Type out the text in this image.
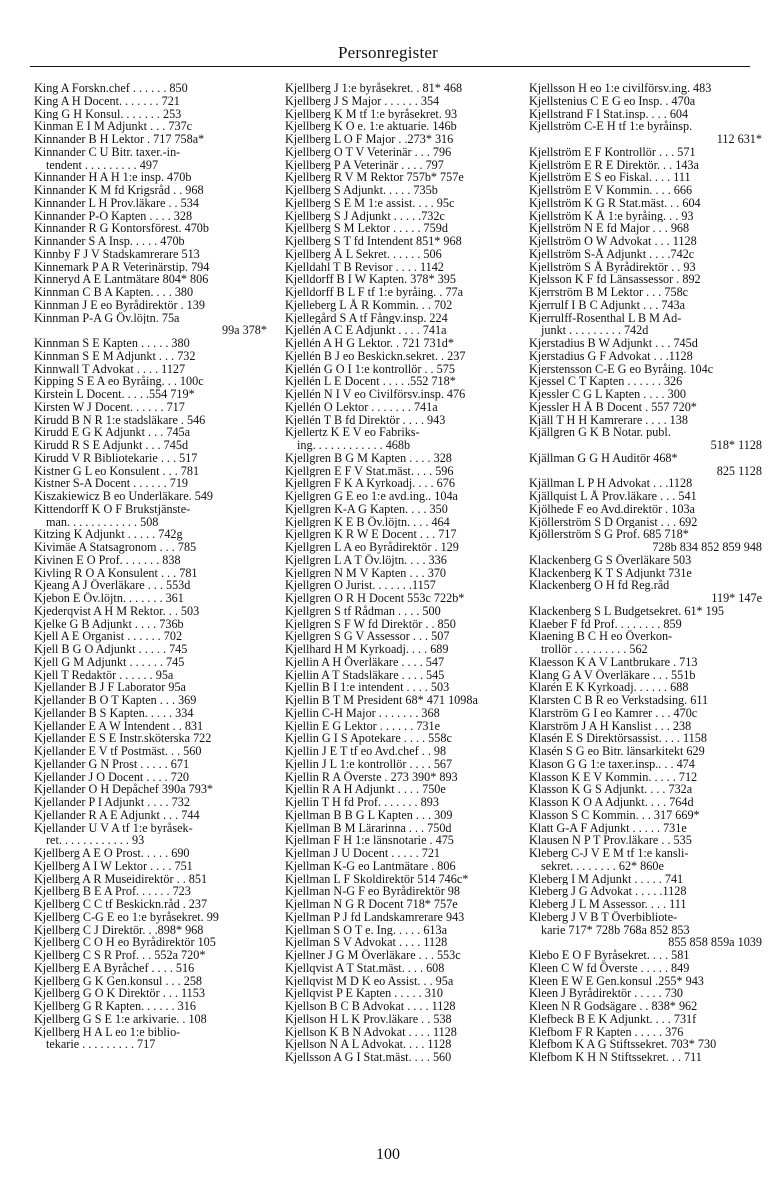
Personregister
King A Forskn.chef . . . . . . 850
King A H Docent. . . . . . . 721
King G H Konsul. . . . . . . 253
Kinman E I M Adjunkt . . . 737c
Kinnander B H Lektor . 717 758a*
Kinnander C U Bitr. taxer.-in-
tendent . . . . . . . . . 497
Kinnander H A H 1:e insp. 470b
Kinnander K M fd Krigsråd . . 968
Kinnander L H Prov.läkare . . 534
Kinnander P-O Kapten . . . . 328
Kinnander R G Kontorsförest. 470b
Kinnander S A Insp. . . . . 470b
Kinnby F J V Stadskamrerare 513
Kinnemark P A R Veterinärstip. 794
Kinneryd A E Lantmätare 804* 806
Kinnman C B A Kapten. . . . 380
Kinnman J E eo Byrådirektör . 139
Kinnman P-A G Öv.löjtn. 75a
99a 378*
Kinnman S E Kapten . . . . . 380
Kinnman S E M Adjunkt . . . 732
Kinnwall T Advokat . . . . 1127
Kipping S E A eo Byråing. . . 100c
Kirstein L Docent. . . . .554 719*
Kirsten W J Docent. . . . . . 717
Kirudd B N R 1:e stadsläkare . 546
Kirudd E G K Adjunkt . . . 745a
Kirudd R S E Adjunkt . . . 745d
Kirudd V R Bibliotekarie . . . 517
Kistner G L eo Konsulent . . . 781
Kistner S-A Docent . . . . . . 719
Kiszakiewicz B eo Underläkare. 549
Kittendorff K O F Brukstjänste-
man. . . . . . . . . . . . 508
Kitzing K Adjunkt . . . . . 742g
Kivimäe A Statsagronom . . . 785
Kivinen E O Prof. . . . . . . 838
Kivling R O A Konsulent . . . 781
Kjeang A J Överläkare . . . 553d
Kjebon E Öv.löjtn. . . . . . . 361
Kjederqvist A H M Rektor. . . 503
Kjelke G B Adjunkt . . . . 736b
Kjell A E Organist . . . . . . 702
Kjell B G O Adjunkt . . . . . 745
Kjell G M Adjunkt . . . . . . 745
Kjell T Redaktör . . . . . . 95a
Kjellander B J F Laborator 95a
Kjellander B O T Kapten . . . 369
Kjellander B S Kapten. . . . . 334
Kjellander E A W Intendent . . 831
Kjellander E S E Instr.sköterska 722
Kjellander E V tf Postmäst. . . 560
Kjellander G N Prost . . . . . 671
Kjellander J O Docent . . . . 720
Kjellander O H Depåchef 390a 793*
Kjellander P I Adjunkt . . . . 732
Kjellander R A E Adjunkt . . . 744
Kjellander U V A tf 1:e byråsek-
ret. . . . . . . . . . . . 93
Kjellberg A E O Prost. . . . . 690
Kjellberg A I W Lektor . . . . 751
Kjellberg A R Museidirektör . . 851
Kjellberg B E A Prof. . . . . . 723
Kjellberg C C tf Beskickn.råd . 237
Kjellberg C-G E eo 1:e byråsekret. 99
Kjellberg C J Direktör. . .898* 968
Kjellberg C O H eo Byrådirektör 105
Kjellberg C S R Prof. . . 552a 720*
Kjellberg E A Byråchef . . . . 516
Kjellberg G K Gen.konsul . . . 258
Kjellberg G O K Direktör . . . 1153
Kjellberg G R Kapten. . . . . . 316
Kjellberg G S E 1:e arkivarie. . 108
Kjellberg H A L eo 1:e biblio-
tekarie . . . . . . . . . 717
Kjellberg J 1:e byråsekret. . 81* 468
Kjellberg J S Major . . . . . . 354
Kjellberg K M tf 1:e byråsekret. 93
Kjellberg K O e. 1:e aktuarie. 146b
Kjellberg L O F Major . .273* 316
Kjellberg O T V Veterinär . . . 796
Kjellberg P A Veterinär . . . . 797
Kjellberg R V M Rektor 757b* 757e
Kjellberg S Adjunkt. . . . . 735b
Kjellberg S E M 1:e assist. . . . 95c
Kjellberg S J Adjunkt . . . . .732c
Kjellberg S M Lektor . . . . . 759d
Kjellberg S T fd Intendent 851* 968
Kjellberg Å L Sekret. . . . . . 506
Kjelldahl T B Revisor . . . . 1142
Kjelldorff B I W Kapten. 378* 395
Kjelldorff B L F tf 1:e byråing. . 77a
Kjelleberg L Å R Kommin. . . 702
Kjellegård S A tf Fångv.insp. 224
Kjellén A C E Adjunkt . . . . 741a
Kjellén A H G Lektor. . 721 731d*
Kjellén B J eo Beskickn.sekret. . 237
Kjellén G O I 1:e kontrollör . . 575
Kjellén L E Docent . . . . .552 718*
Kjellén N I V eo Civilförsv.insp. 476
Kjellén O Lektor . . . . . . . 741a
Kjellén T B fd Direktör . . . . 943
Kjellertz K E V eo Fabriks-
ing. . . . . . . . . . . . 468b
Kjellgren B G M Kapten . . . . 328
Kjellgren E F V Stat.mäst. . . . 596
Kjellgren F K A Kyrkoadj. . . . 676
Kjellgren G E eo 1:e avd.ing.. 104a
Kjellgren K-A G Kapten. . . . 350
Kjellgren K E B Öv.löjtn. . . . 464
Kjellgren K R W E Docent . . . 717
Kjellgren L A eo Byrådirektör . 129
Kjellgren L A T Öv.löjtn. . . . 336
Kjellgren N M V Kapten . . . 370
Kjellgren O Jurist. . . . . . .1157
Kjellgren O R H Docent 553c 722b*
Kjellgren S tf Rådman . . . . 500
Kjellgren S F W fd Direktör . . 850
Kjellgren S G V Assessor . . . 507
Kjellhard H M Kyrkoadj. . . . 689
Kjellin A H Överläkare . . . . 547
Kjellin A T Stadsläkare . . . . 545
Kjellin B I 1:e intendent . . . . 503
Kjellin B T M President 68* 471 1098a
Kjellin C-H Major . . . . . . . 368
Kjellin E G Lektor . . . . . . 731e
Kjellin G I S Apotekare . . . . 558c
Kjellin J E T tf eo Avd.chef . . 98
Kjellin J L 1:e kontrollör . . . . 567
Kjellin R A Överste . 273 390* 893
Kjellin R A H Adjunkt . . . . 750e
Kjellin T H fd Prof. . . . . . . 893
Kjellman B B G L Kapten . . . 309
Kjellman B M Lärarinna . . . 750d
Kjellman F H 1:e länsnotarie . 475
Kjellman J U Docent . . . . . 721
Kjellman K-G eo Lantmätare . 806
Kjellman L F Skoldirektör 514 746c*
Kjellman N-G F eo Byrådirektör 98
Kjellman N G R Docent 718* 757e
Kjellman P J fd Landskamrerare 943
Kjellman S O T e. Ing. . . . . 613a
Kjellman S V Advokat . . . . 1128
Kjellner J G M Överläkare . . . 553c
Kjellqvist A T Stat.mäst. . . . 608
Kjellqvist M D K eo Assist. . . 95a
Kjellqvist P E Kapten . . . . . 310
Kjellson B C B Advokat . . . . 1128
Kjellson H L K Prov.läkare . . 538
Kjellson K B N Advokat . . . . 1128
Kjellson N A L Advokat. . . . 1128
Kjellsson A G I Stat.mäst. . . . 560
Kjellsson H eo 1:e civilförsv.ing. 483
Kjellstenius C E G eo Insp. . 470a
Kjellstrand F I Stat.insp. . . . 604
Kjellström C-E H tf 1:e byråinsp.
112 631*
Kjellström E F Kontrollör . . . 571
Kjellström E R E Direktör. . . 143a
Kjellström E S eo Fiskal. . . . 111
Kjellström E V Kommin. . . . 666
Kjellström K G R Stat.mäst. . . 604
Kjellström K Å 1:e byråing. . . 93
Kjellström N E fd Major . . . 968
Kjellström O W Advokat . . . 1128
Kjellström S-Å Adjunkt . . . .742c
Kjellström S Å Byrådirektör . . 93
Kjelsson K F fd Länsassessor . 892
Kjerrström B M Lektor . . . 758c
Kjerrulf I B C Adjunkt . . . 743a
Kjerrulff-Rosenthal L B M Ad-
junkt . . . . . . . . . 742d
Kjerstadius B W Adjunkt . . . 745d
Kjerstadius G F Advokat . . .1128
Kjerstensson C-E G eo Byråing. 104c
Kjessel C T Kapten . . . . . . 326
Kjessler C G L Kapten . . . . 300
Kjessler H Å B Docent . 557 720*
Kjäll T H H Kamrerare . . . . 138
Kjällgren G K B Notar. publ.
518* 1128
Kjällman G G H Auditör 468*
825 1128
Kjällman L P H Advokat . . .1128
Kjällquist L Å Prov.läkare . . . 541
Kjölhede F eo Avd.direktör . 103a
Kjöllerström S D Organist . . . 692
Kjöllerström S G Prof. 685 718*
728b 834 852 859 948
Klackenberg G S Överläkare 503
Klackenberg K T S Adjunkt 731e
Klackenberg O H fd Reg.råd
119* 147e
Klackenberg S L Budgetsekret. 61* 195
Klaeber F fd Prof. . . . . . . . 859
Klaening B C H eo Överkon-
trollör . . . . . . . . . 562
Klaesson K A V Lantbrukare . 713
Klang G A V Överläkare . . . 551b
Klarén E K Kyrkoadj. . . . . . 688
Klarsten C B R eo Verkstadsing. 611
Klarström G I eo Kamrer . . . 470c
Klarström J A H Kanslist . . . 238
Klasén E S Direktörsassist. . . . 1158
Klasén S G eo Bitr. länsarkitekt 629
Klason G G 1:e taxer.insp.. . . 474
Klasson K E V Kommin. . . . . 712
Klasson K G S Adjunkt. . . . 732a
Klasson K O A Adjunkt. . . . 764d
Klasson S C Kommin. . . 317 669*
Klatt G-A F Adjunkt . . . . . 731e
Klausen N P T Prov.läkare . . 535
Kleberg C-J V E M tf 1:e kansli-
sekret. . . . . . . . 62* 860e
Kleberg I M Adjunkt . . . . . 741
Kleberg J G Advokat . . . . .1128
Kleberg J L M Assessor. . . . 111
Kleberg J V B T Överbibliote-
karie 717* 728b 768a 852 853
855 858 859a 1039
Klebo E O F Byråsekret. . . . 581
Kleen C W fd Överste . . . . . 849
Kleen E W E Gen.konsul .255* 943
Kleen J Byrådirektör . . . . . 730
Kleen N R Godsägare . . 838* 962
Klefbeck B E K Adjunkt. . . . 731f
Klefbom F R Kapten . . . . . 376
Klefbom K A G Stiftssekret. 703* 730
Klefbom K H N Stiftssekret. . . 711
100
